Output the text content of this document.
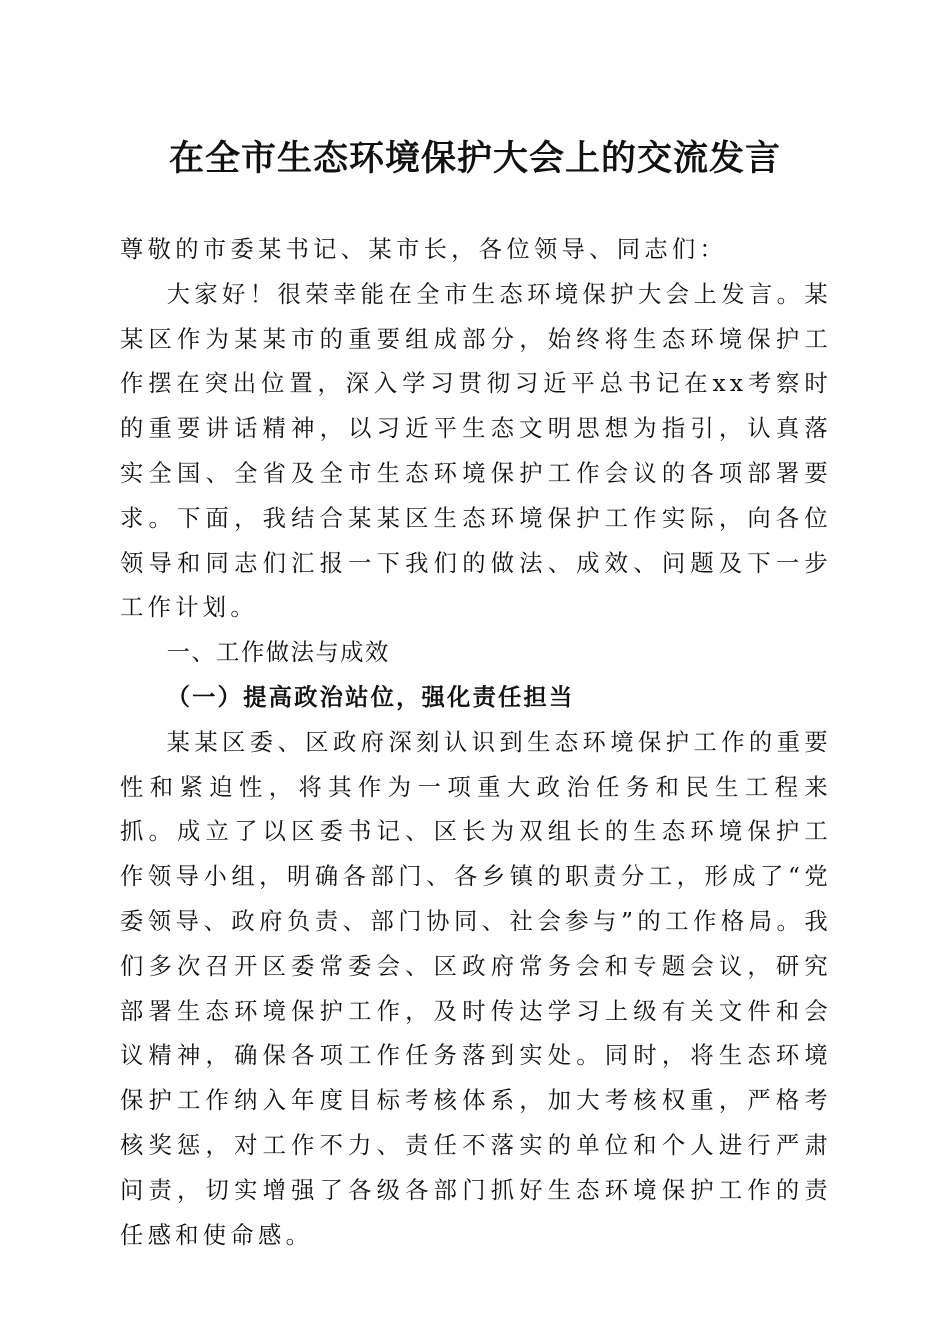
在全市生态环境保护大会上的交流发言

尊敬的市委某书记、某市长，各位领导、同志们：

大家好！很荣幸能在全市生态环境保护大会上发言。某某区作为某某市的重要组成部分，始终将生态环境保护工作摆在突出位置，深入学习贯彻习近平总书记在xx考察时的重要讲话精神，以习近平生态文明思想为指引，认真落实全国、全省及全市生态环境保护工作会议的各项部署要求。下面，我结合某某区生态环境保护工作实际，向各位领导和同志们汇报一下我们的做法、成效、问题及下一步工作计划。

一、工作做法与成效

（一）提高政治站位，强化责任担当

某某区委、区政府深刻认识到生态环境保护工作的重要性和紧迫性，将其作为一项重大政治任务和民生工程来抓。成立了以区委书记、区长为双组长的生态环境保护工作领导小组，明确各部门、各乡镇的职责分工，形成了“党委领导、政府负责、部门协同、社会参与”的工作格局。我们多次召开区委常委会、区政府常务会和专题会议，研究部署生态环境保护工作，及时传达学习上级有关文件和会议精神，确保各项工作任务落到实处。同时，将生态环境保护工作纳入年度目标考核体系，加大考核权重，严格考核奖惩，对工作不力、责任不落实的单位和个人进行严肃问责，切实增强了各级各部门抓好生态环境保护工作的责任感和使命感。
